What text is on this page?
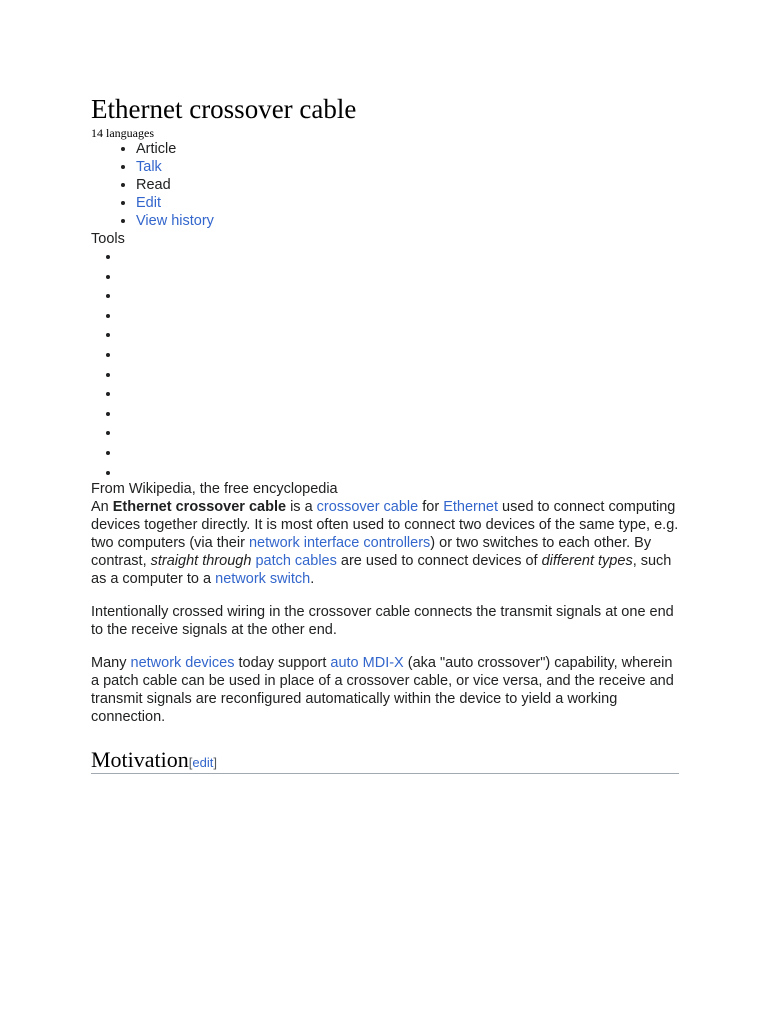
Ethernet crossover cable
14 languages
• Article
• Talk
• Read
• Edit
• View history
Tools
•
•
•
•
•
•
•
•
•
•
•
•
From Wikipedia, the free encyclopedia

An Ethernet crossover cable is a crossover cable for Ethernet used to connect computing devices together directly. It is most often used to connect two devices of the same type, e.g. two computers (via their network interface controllers) or two switches to each other. By contrast, straight through patch cables are used to connect devices of different types, such as a computer to a network switch.

Intentionally crossed wiring in the crossover cable connects the transmit signals at one end to the receive signals at the other end.

Many network devices today support auto MDI-X (aka "auto crossover") capability, wherein a patch cable can be used in place of a crossover cable, or vice versa, and the receive and transmit signals are reconfigured automatically within the device to yield a working connection.

Motivation[edit]
